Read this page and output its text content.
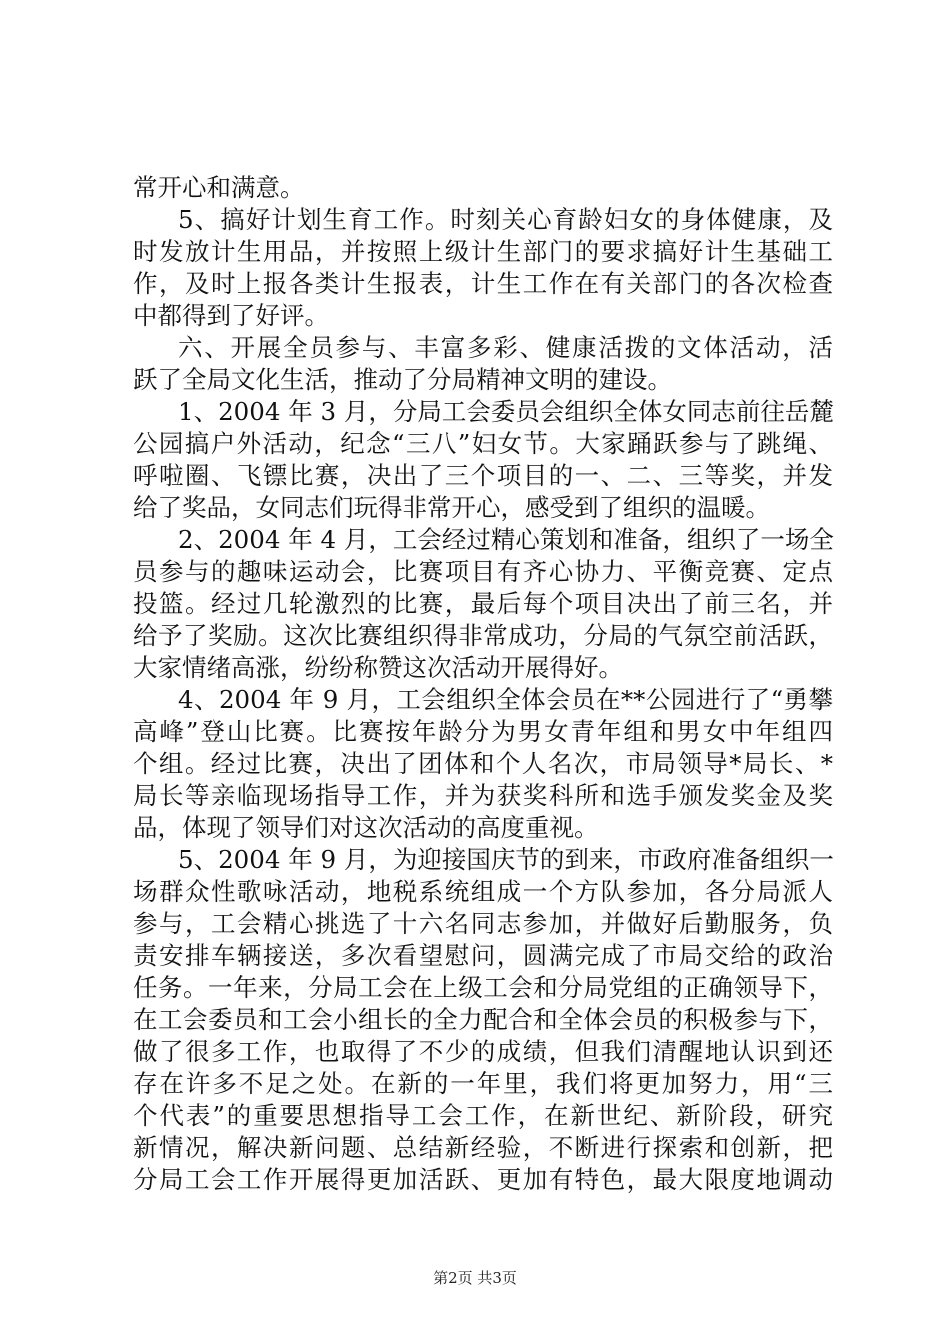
常开心和满意。
5、搞好计划生育工作。时刻关心育龄妇女的身体健康，及
时发放计生用品，并按照上级计生部门的要求搞好计生基础工
作，及时上报各类计生报表，计生工作在有关部门的各次检查
中都得到了好评。
六、开展全员参与、丰富多彩、健康活拨的文体活动，活
跃了全局文化生活，推动了分局精神文明的建设。
1、2004 年 3 月，分局工会委员会组织全体女同志前往岳麓
公园搞户外活动，纪念“三八”妇女节。大家踊跃参与了跳绳、
呼啦圈、飞镖比赛，决出了三个项目的一、二、三等奖，并发
给了奖品，女同志们玩得非常开心，感受到了组织的温暖。
2、2004 年 4 月，工会经过精心策划和准备，组织了一场全
员参与的趣味运动会，比赛项目有齐心协力、平衡竞赛、定点
投篮。经过几轮激烈的比赛，最后每个项目决出了前三名，并
给予了奖励。这次比赛组织得非常成功，分局的气氛空前活跃，
大家情绪高涨，纷纷称赞这次活动开展得好。
4、2004 年 9 月，工会组织全体会员在**公园进行了“勇攀
高峰”登山比赛。比赛按年龄分为男女青年组和男女中年组四
个组。经过比赛，决出了团体和个人名次，市局领导*局长、*
局长等亲临现场指导工作，并为获奖科所和选手颁发奖金及奖
品，体现了领导们对这次活动的高度重视。
5、2004 年 9 月，为迎接国庆节的到来，市政府准备组织一
场群众性歌咏活动，地税系统组成一个方队参加，各分局派人
参与，工会精心挑选了十六名同志参加，并做好后勤服务，负
责安排车辆接送，多次看望慰问，圆满完成了市局交给的政治
任务。一年来，分局工会在上级工会和分局党组的正确领导下，
在工会委员和工会小组长的全力配合和全体会员的积极参与下，
做了很多工作，也取得了不少的成绩，但我们清醒地认识到还
存在许多不足之处。在新的一年里，我们将更加努力，用“三
个代表”的重要思想指导工会工作，在新世纪、新阶段，研究
新情况，解决新问题、总结新经验，不断进行探索和创新，把
分局工会工作开展得更加活跃、更加有特色，最大限度地调动
第2页 共3页
